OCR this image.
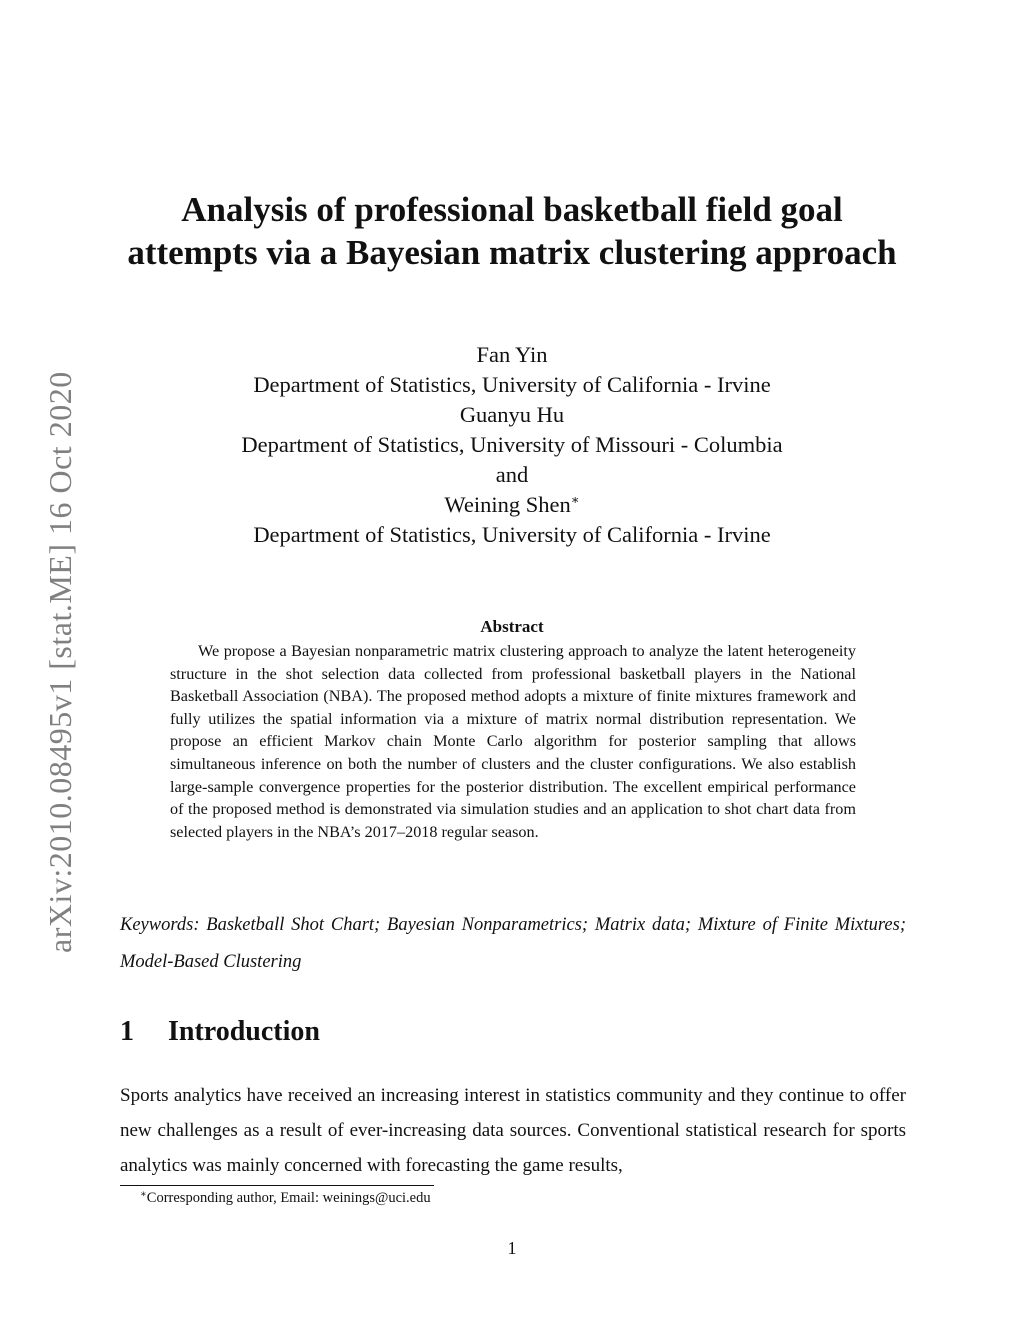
arXiv:2010.08495v1 [stat.ME] 16 Oct 2020
Analysis of professional basketball field goal attempts via a Bayesian matrix clustering approach
Fan Yin
Department of Statistics, University of California - Irvine
Guanyu Hu
Department of Statistics, University of Missouri - Columbia
and
Weining Shen∗
Department of Statistics, University of California - Irvine
Abstract
We propose a Bayesian nonparametric matrix clustering approach to analyze the latent heterogeneity structure in the shot selection data collected from professional basketball players in the National Basketball Association (NBA). The proposed method adopts a mixture of finite mixtures framework and fully utilizes the spatial information via a mixture of matrix normal distribution representation. We propose an efficient Markov chain Monte Carlo algorithm for posterior sampling that allows simultaneous inference on both the number of clusters and the cluster configurations. We also establish large-sample convergence properties for the posterior distribution. The excellent empirical performance of the proposed method is demonstrated via simulation studies and an application to shot chart data from selected players in the NBA’s 2017–2018 regular season.
Keywords: Basketball Shot Chart; Bayesian Nonparametrics; Matrix data; Mixture of Finite Mixtures; Model-Based Clustering
1 Introduction
Sports analytics have received an increasing interest in statistics community and they continue to offer new challenges as a result of ever-increasing data sources. Conventional statistical research for sports analytics was mainly concerned with forecasting the game results,
∗Corresponding author, Email: weinings@uci.edu
1
